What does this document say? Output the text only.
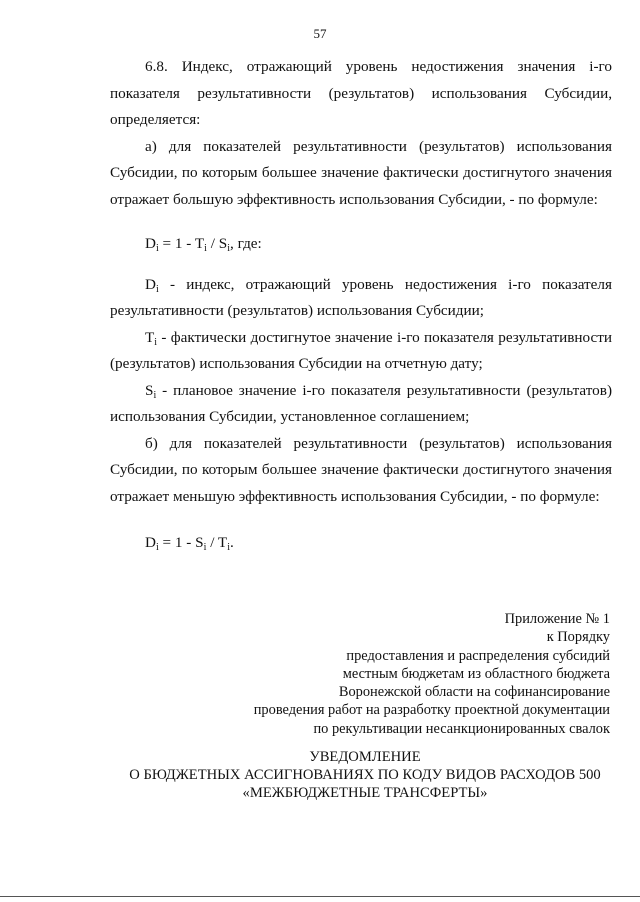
57

6.8. Индекс, отражающий уровень недостижения значения i-го показателя результативности (результатов) использования Субсидии, определяется:

а) для показателей результативности (результатов) использования Субсидии, по которым большее значение фактически достигнутого значения отражает большую эффективность использования Субсидии, - по формуле:

$D_i = 1 - T_i / S_i$, где:

$D_i$ - индекс, отражающий уровень недостижения i-го показателя результативности (результатов) использования Субсидии;

$T_i$ - фактически достигнутое значение i-го показателя результативности (результатов) использования Субсидии на отчетную дату;

$S_i$ - плановое значение i-го показателя результативности (результатов) использования Субсидии, установленное соглашением;

б) для показателей результативности (результатов) использования Субсидии, по которым большее значение фактически достигнутого значения отражает меньшую эффективность использования Субсидии, - по формуле:

$D_i = 1 - S_i / T_i$.

Приложение № 1
к Порядку
предоставления и распределения субсидий
местным бюджетам из областного бюджета
Воронежской области на софинансирование
проведения работ на разработку проектной документации
по рекультивации несанкционированных свалок
УВЕДОМЛЕНИЕ
О БЮДЖЕТНЫХ АССИГНОВАНИЯХ ПО КОДУ ВИДОВ РАСХОДОВ 500
«МЕЖБЮДЖЕТНЫЕ ТРАНСФЕРТЫ»
